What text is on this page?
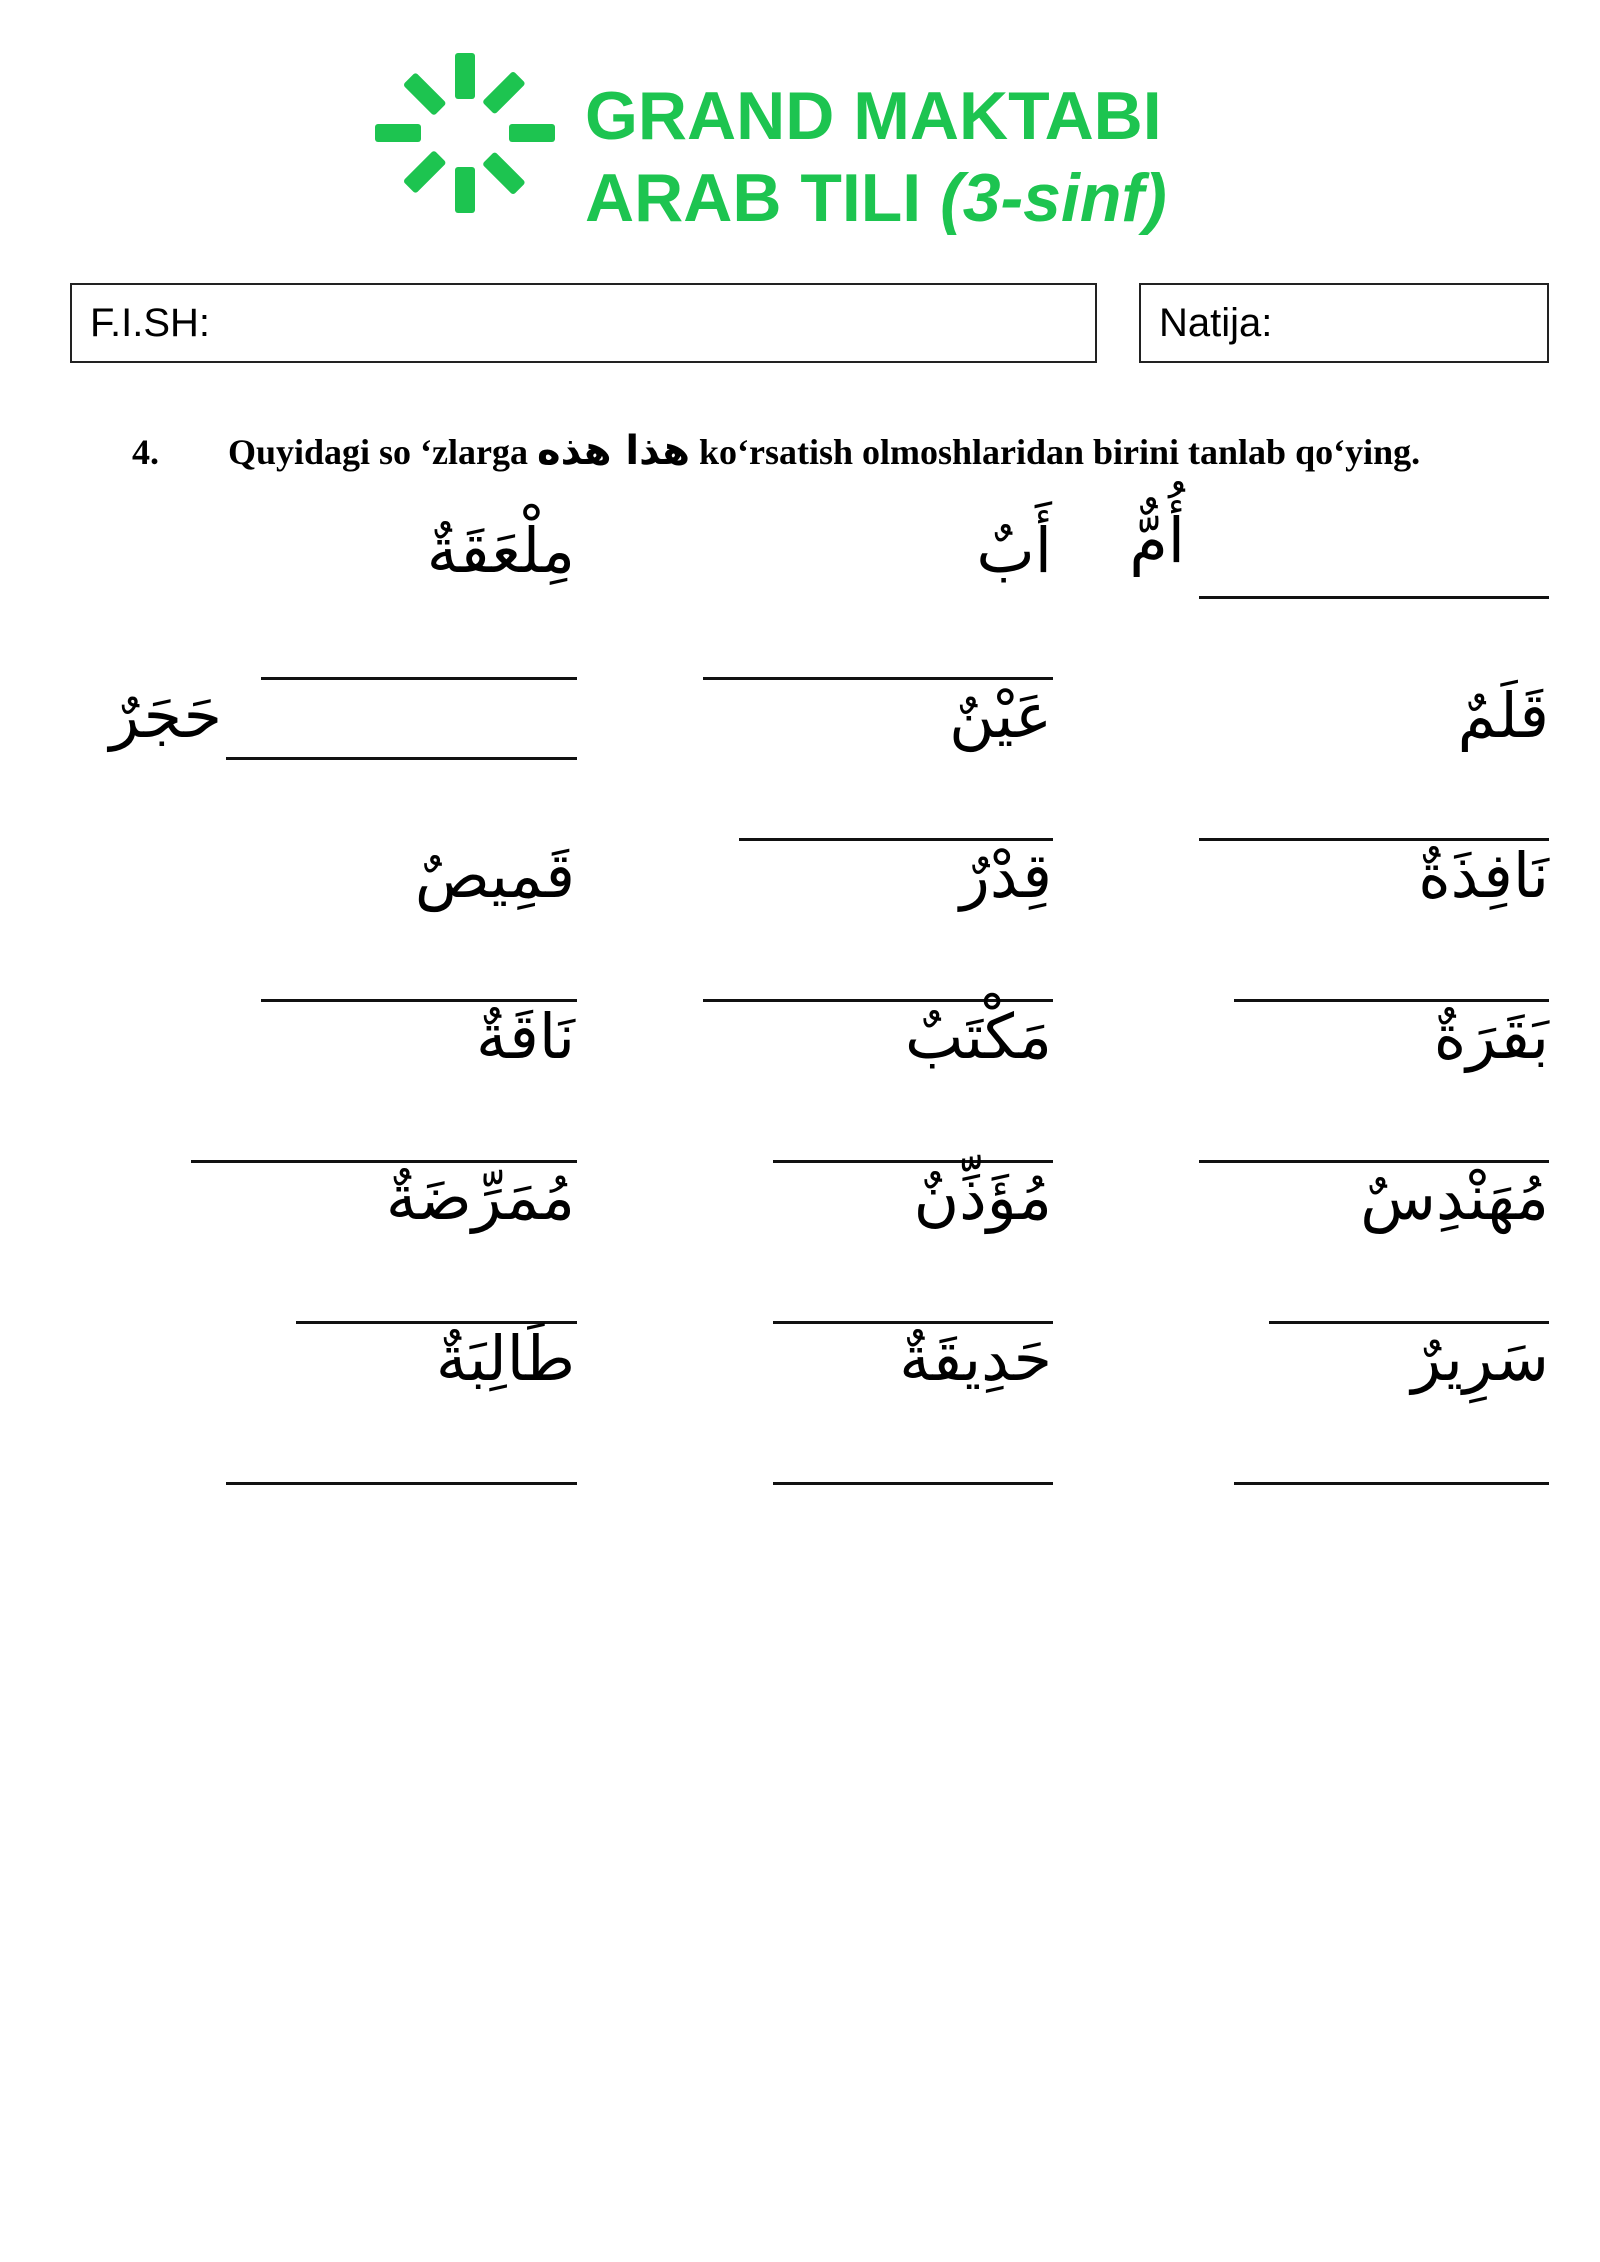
GRAND MAKTABI
ARAB TILI (3-sinf)
F.I.SH:	Natija:
4. Quyidagi so ‘zlarga هذا هذه ko‘rsatish olmoshlaridan birini tanlab qo‘ying.
أُمٌّ
أَبٌ
مِلْعَقَةٌ
قَلَمٌ
عَيْنٌ
حَجَرٌ
نَافِذَةٌ
قِدْرٌ
قَمِيصٌ
بَقَرَةٌ
مَكْتَبٌ
نَاقَةٌ
مُهَنْدِسٌ
مُؤَذِّنٌ
مُمَرِّضَةٌ
سَرِيرٌ
حَدِيقَةٌ
طَالِبَةٌ
